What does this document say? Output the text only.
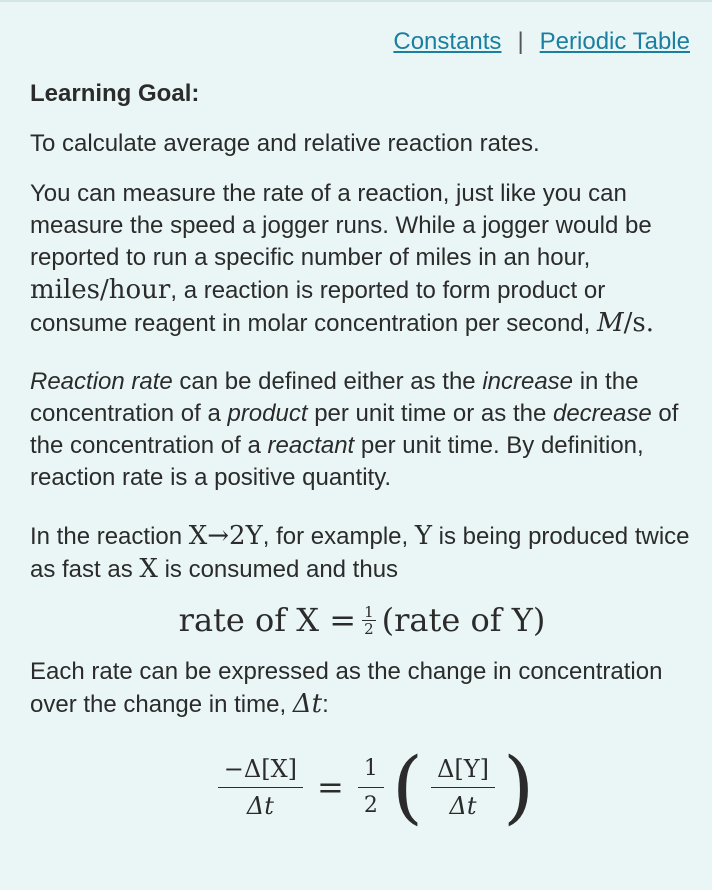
Constants | Periodic Table
Learning Goal:
To calculate average and relative reaction rates.
You can measure the rate of a reaction, just like you can measure the speed a jogger runs. While a jogger would be reported to run a specific number of miles in an hour, miles/hour, a reaction is reported to form product or consume reagent in molar concentration per second, M/s.
Reaction rate can be defined either as the increase in the concentration of a product per unit time or as the decrease of the concentration of a reactant per unit time. By definition, reaction rate is a positive quantity.
In the reaction X→2Y, for example, Y is being produced twice as fast as X is consumed and thus
rate of $X = \frac{1}{2}$ (rate of Y)
Each rate can be expressed as the change in concentration over the change in time, Δt:
$\frac{-\Delta[X]}{\Delta t} = \frac{1}{2}$ ( $\frac{\Delta[Y]}{\Delta t}$ )
